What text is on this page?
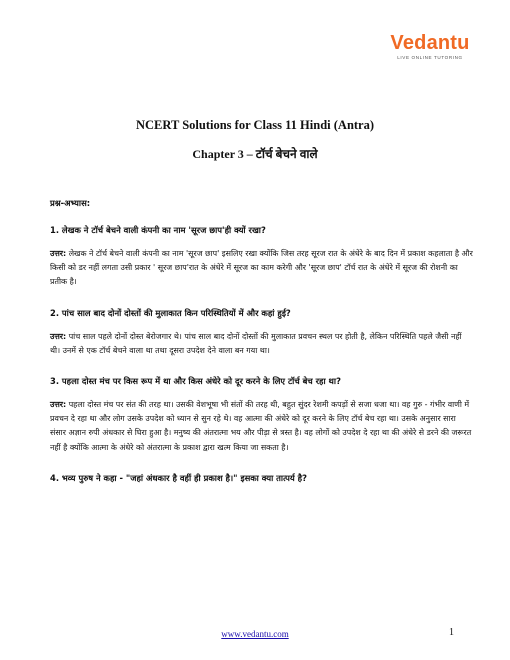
Vedantu
LIVE ONLINE TUTORING
NCERT Solutions for Class 11 Hindi (Antra)
Chapter 3 – टॉर्च बेचने वाले
प्रश्न-अभ्यास:
1. लेखक ने टॉर्च बेचने वाली कंपनी का नाम 'सूरज छाप'ही क्यों रखा?
उत्तर: लेखक ने टॉर्च बेचने वाली कंपनी का नाम 'सूरज छाप' इसलिए रखा क्योंकि जिस तरह सूरज रात के अंधेरे के बाद दिन में प्रकाश कहलाता है और किसी को डर नहीं लगता उसी प्रकार ' सूरज छाप'रात के अंधेरे में सूरज का काम करेगी और 'सूरज छाप' टॉर्च रात के अंधेरे में सूरज की रोशनी का प्रतीक है।
2. पांच साल बाद दोनों दोस्तों की मुलाकात किन परिस्थितियों में और कहां हुई?
उत्तर: पांच साल पहले दोनों दोस्त बेरोजगार थे। पांच साल बाद दोनों दोस्तों की मुलाकात प्रवचन स्थल पर होती है, लेकिन परिस्थिति पहले जैसी नहीं थी। उनमें से एक टॉर्च बेचने वाला था तथा दूसरा उपदेश देने वाला बन गया था।
3. पहला दोस्त मंच पर किस रूप में था और किस अंधेरे को दूर करने के लिए टॉर्च बेच रहा था?
उत्तर: पहला दोस्त मंच पर संत की तरह था। उसकी वेशभूषा भी संतों की तरह थी, बहुत सुंदर रेशमी कपड़ों से सजा धजा था। वह गुरु - गंभीर वाणी में प्रवचन दे रहा था और लोग उसके उपदेश को ध्यान से सुन रहे थे। वह आत्मा की अंधेरे को दूर करने के लिए टॉर्च बेच रहा था। उसके अनुसार सारा संसार अज्ञान रुपी अंधकार से घिरा हुआ है। मनुष्य की अंतरात्मा भय और पीड़ा से त्रस्त है। वह लोगों को उपदेश दे रहा था की अंधेरे से डरने की जरूरत नहीं है क्योंकि आत्मा के अंधेरे को अंतरात्मा के प्रकाश द्वारा खत्म किया जा सकता है।
4. भव्य पुरुष ने कहा - "जहां अंधकार है वहीं ही प्रकाश है।" इसका क्या तात्पर्य है?
www.vedantu.com	1
